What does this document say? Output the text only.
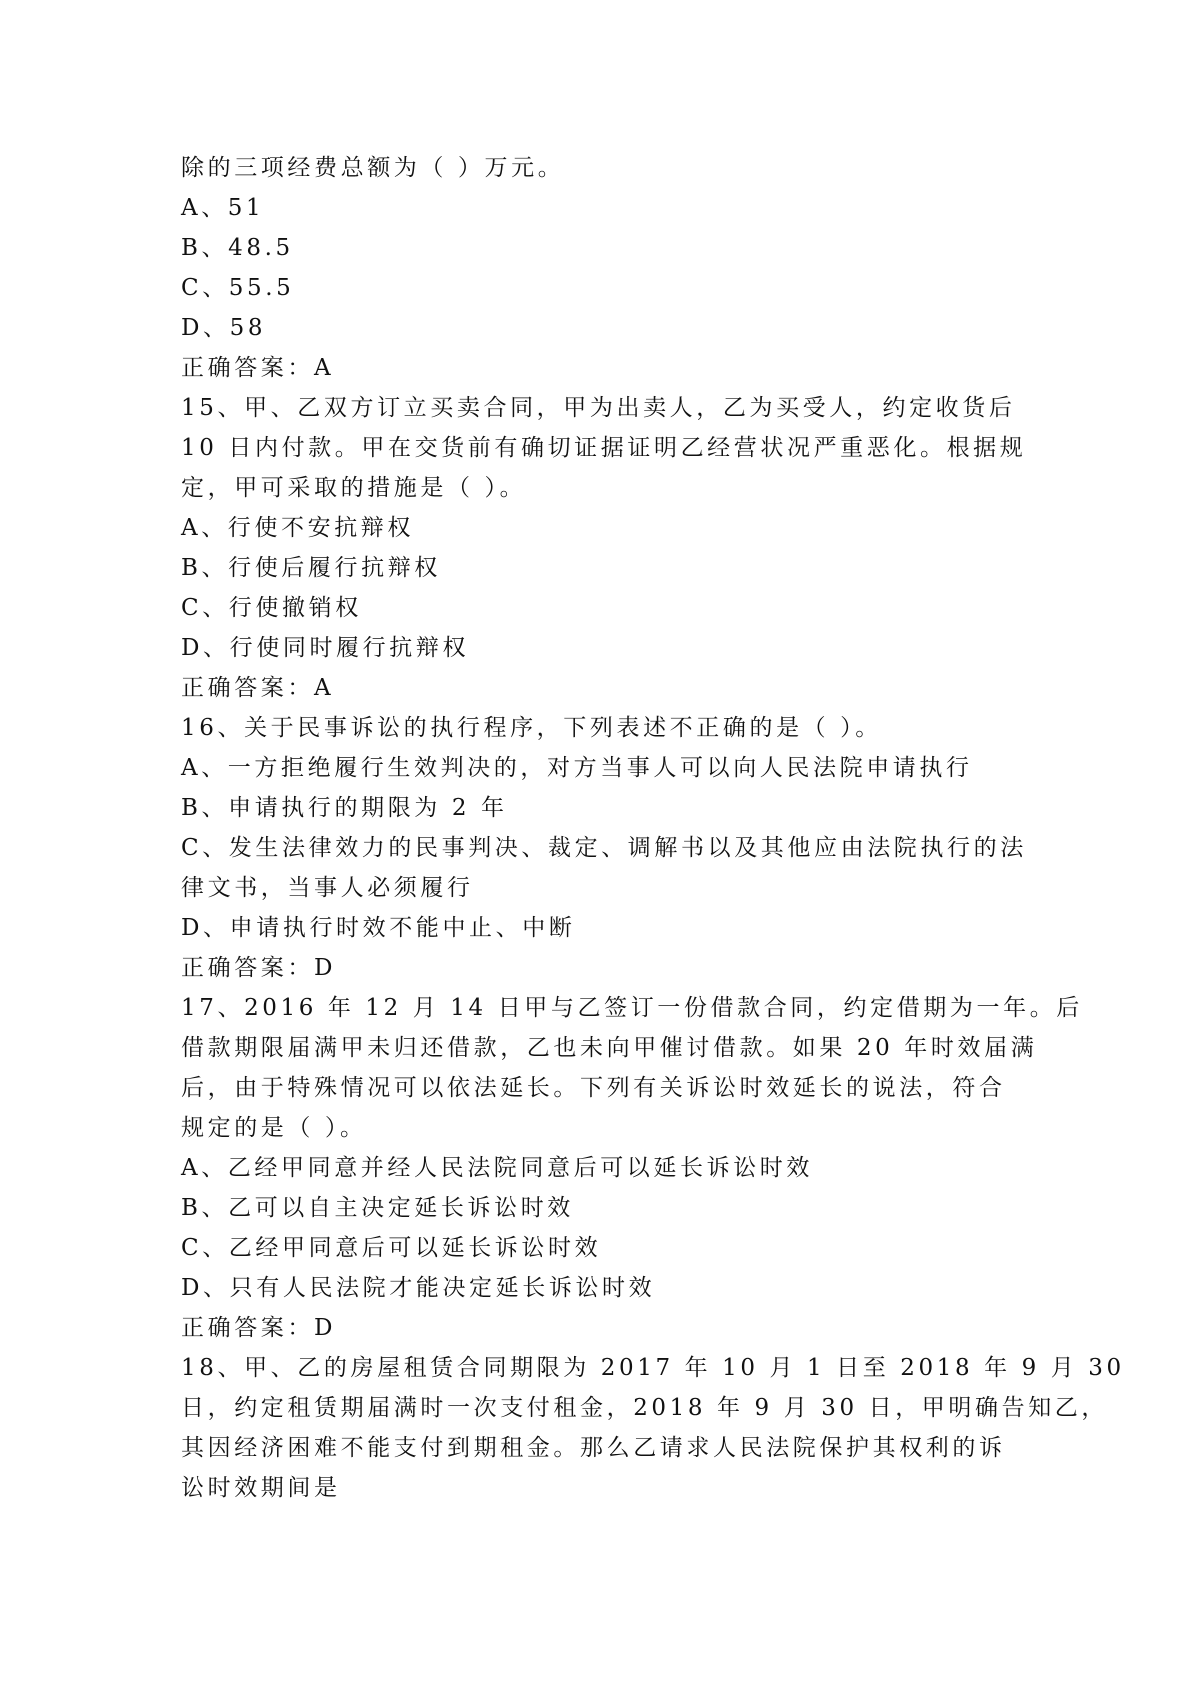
除的三项经费总额为（ ）万元。
A、51
B、48.5
C、55.5
D、58
正确答案：A
15、甲、乙双方订立买卖合同，甲为出卖人，乙为买受人，约定收货后
10 日内付款。甲在交货前有确切证据证明乙经营状况严重恶化。根据规
定，甲可采取的措施是（ ）。
A、行使不安抗辩权
B、行使后履行抗辩权
C、行使撤销权
D、行使同时履行抗辩权
正确答案：A
16、关于民事诉讼的执行程序，下列表述不正确的是（ ）。
A、一方拒绝履行生效判决的，对方当事人可以向人民法院申请执行
B、申请执行的期限为 2 年
C、发生法律效力的民事判决、裁定、调解书以及其他应由法院执行的法
律文书，当事人必须履行
D、申请执行时效不能中止、中断
正确答案：D
17、2016 年 12 月 14 日甲与乙签订一份借款合同，约定借期为一年。后
借款期限届满甲未归还借款，乙也未向甲催讨借款。如果 20 年时效届满
后，由于特殊情况可以依法延长。下列有关诉讼时效延长的说法，符合
规定的是（ ）。
A、乙经甲同意并经人民法院同意后可以延长诉讼时效
B、乙可以自主决定延长诉讼时效
C、乙经甲同意后可以延长诉讼时效
D、只有人民法院才能决定延长诉讼时效
正确答案：D
18、甲、乙的房屋租赁合同期限为 2017 年 10 月 1 日至 2018 年 9 月 30
日，约定租赁期届满时一次支付租金，2018 年 9 月 30 日，甲明确告知乙，
其因经济困难不能支付到期租金。那么乙请求人民法院保护其权利的诉
讼时效期间是
